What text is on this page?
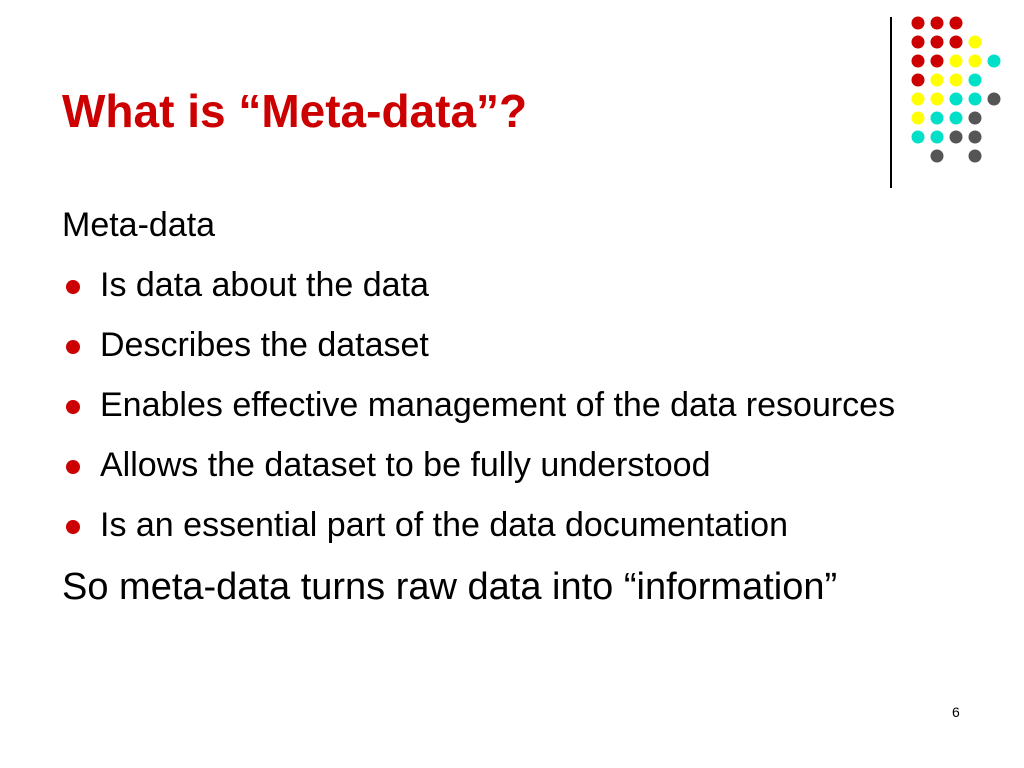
What is “Meta-data”?

Meta-data

Is data about the data
Describes the dataset
Enables effective management of the data resources
Allows the dataset to be fully understood
Is an essential part of the data documentation

So meta-data turns raw data into “information”

6
